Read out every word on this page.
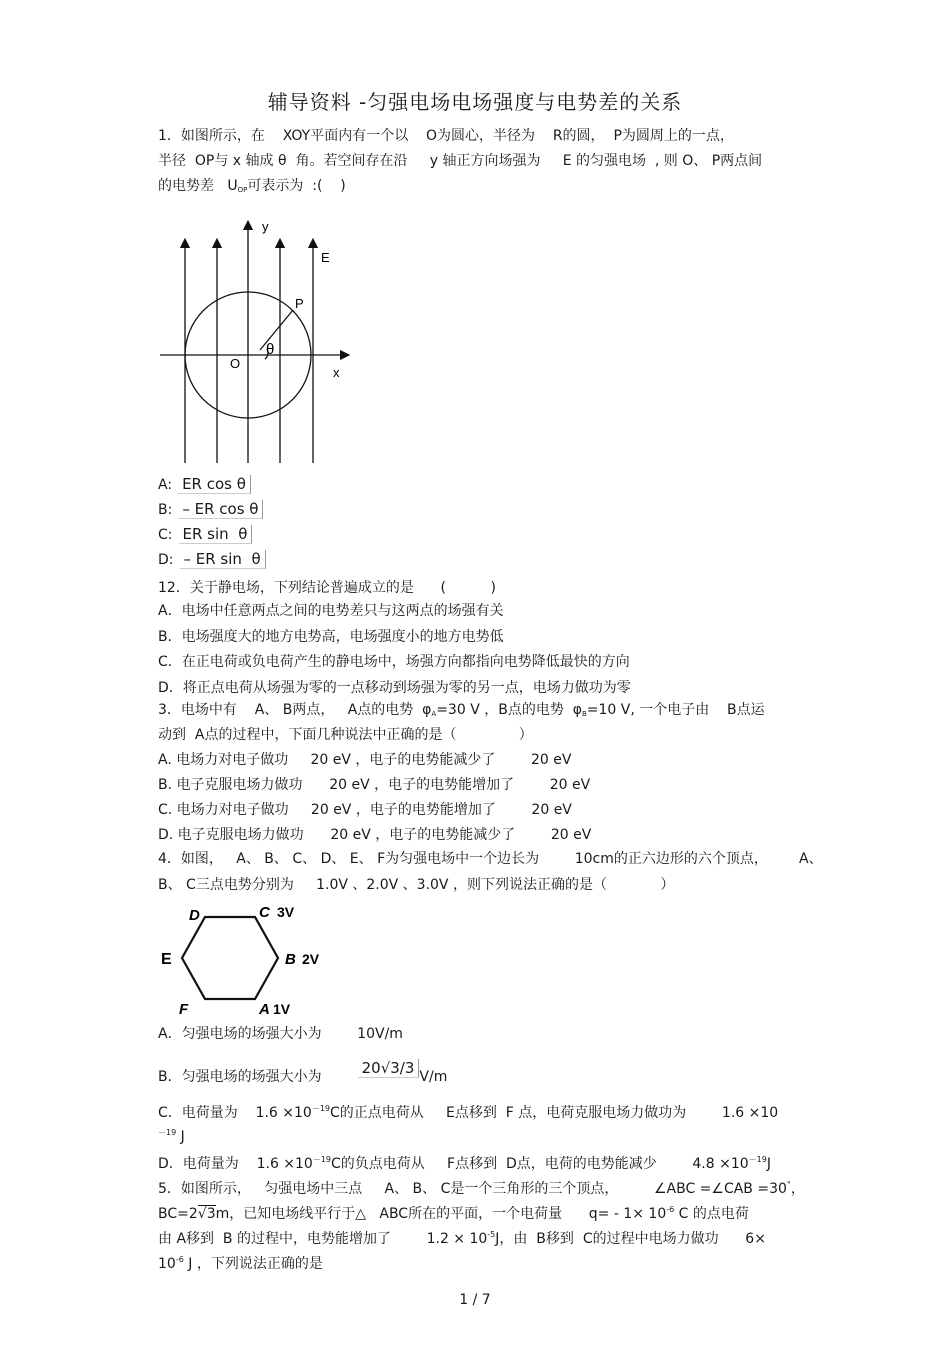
辅导资料 -匀强电场电场强度与电势差的关系
1．如图所示，在    XOY平面内有一个以    O为圆心，半径为    R的圆，  P为圆周上的一点，
半径  OP与 x 轴成 θ  角。若空间存在沿     y 轴正方向场强为     E 的匀强电场  , 则 O、 P两点间
的电势差   $U_{OP}$可表示为  :(    )
y
E
P
O
θ
x
A: ER cos θ
B: – ER cos θ
C: ER sin  θ
D: – ER sin  θ
12．关于静电场，下列结论普遍成立的是      (          )
A．电场中任意两点之间的电势差只与这两点的场强有关
B．电场强度大的地方电势高，电场强度小的地方电势低
C．在正电荷或负电荷产生的静电场中，场强方向都指向电势降低最快的方向
D．将正点电荷从场强为零的一点移动到场强为零的另一点，电场力做功为零
3．电场中有    A、 B两点，   A点的电势  $\varphi_A=30$ V ，B点的电势  $\varphi_B=10$ V, 一个电子由    B点运
动到  A点的过程中，下面几种说法中正确的是（              ）
A. 电场力对电子做功     20 eV ，电子的电势能减少了        20 eV
B. 电子克服电场力做功      20 eV ，电子的电势能增加了        20 eV
C. 电场力对电子做功     20 eV ，电子的电势能增加了        20 eV
D. 电子克服电场力做功      20 eV ，电子的电势能减少了        20 eV
4．如图，   A、 B、 C、 D、 E、 F为匀强电场中一个边长为        10cm的正六边形的六个顶点，       A、
B、 C三点电势分别为     1.0V 、2.0V 、3.0V ，则下列说法正确的是（            ）
D	C 3V
E	B 2V
F	A 1V
A．匀强电场的场强大小为        10V/m
B．匀强电场的场强大小为	20√3/3 V/m
C．电荷量为    $1.6 \times 10^{-19}C$的正点电荷从     E点移到  F 点，电荷克服电场力做功为        1.6 ×10
$^{-19}$ J
D．电荷量为    $1.6 \times 10^{-19}C$的负点电荷从     F点移到  D点，电荷的电势能减少        $4.8 \times 10^{-19}J$
5．如图所示，   匀强电场中三点     A、 B、 C是一个三角形的三个顶点，        ∠ABC =∠CAB =30°，
BC=2√3m，已知电场线平行于△   ABC所在的平面，一个电荷量      $q= - 1\times 10^{-6}$ C 的点电荷
由 A移到  B 的过程中，电势能增加了        $1.2 \times 10^{-5}J$，由  B移到  C的过程中电场力做功      6×
$10^{-6}$ J ，下列说法正确的是
1 / 7
